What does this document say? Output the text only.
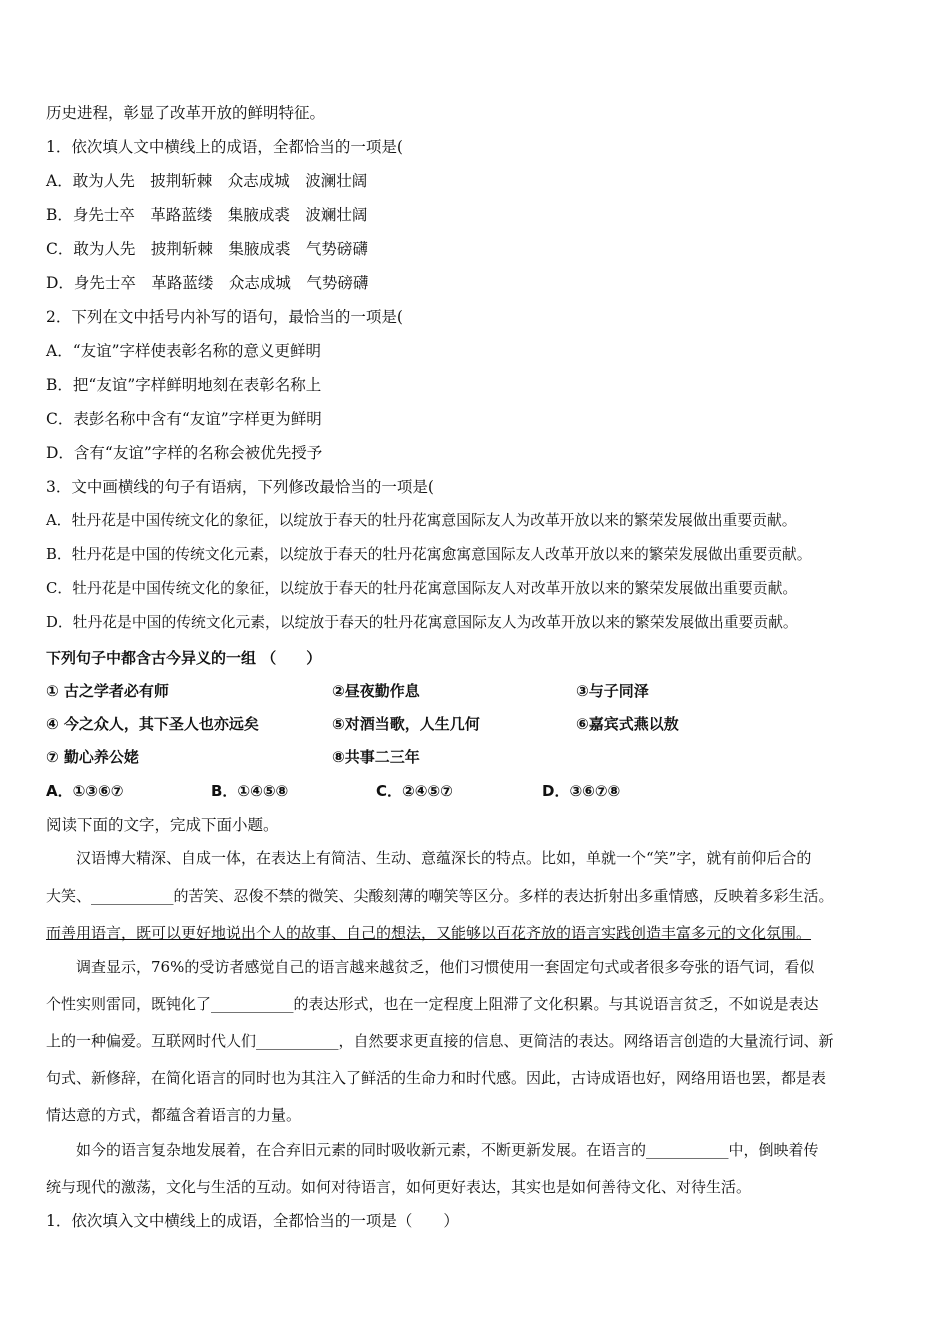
历史进程，彰显了改革开放的鲜明特征。
1．依次填人文中横线上的成语，全都恰当的一项是(
A．敢为人先　披荆斩棘　众志成城　波澜壮阔
B．身先士卒　革路蓝缕　集腋成裘　波斓壮阔
C．敢为人先　披荆斩棘　集腋成裘　气势磅礴
D．身先士卒　革路蓝缕　众志成城　气势磅礴
2．下列在文中括号内补写的语句，最恰当的一项是(
A．“友谊”字样使表彰名称的意义更鲜明
B．把“友谊”字样鲜明地刻在表彰名称上
C．表彭名称中含有“友谊”字样更为鲜明
D．含有“友谊”字样的名称会被优先授予
3．文中画横线的句子有语病，下列修改最恰当的一项是(
A．牡丹花是中国传统文化的象征，以绽放于春天的牡丹花寓意国际友人为改革开放以来的繁荣发展做出重要贡献。
B．牡丹花是中国的传统文化元素，以绽放于春天的牡丹花寓愈寓意国际友人改革开放以来的繁荣发展做出重要贡献。
C．牡丹花是中国传统文化的象征，以绽放于春天的牡丹花寓意国际友人对改革开放以来的繁荣发展做出重要贡献。
D．牡丹花是中国的传统文化元素，以绽放于春天的牡丹花寓意国际友人为改革开放以来的繁荣发展做出重要贡献。
下列句子中都含古今异义的一组 （　　）
① 古之学者必有师	②昼夜勤作息	③与子同泽
④ 今之众人，其下圣人也亦远矣	⑤对酒当歌，人生几何	⑥嘉宾式燕以敖
⑦ 勤心养公姥	⑧共事二三年
A．①③⑥⑦	B．①④⑤⑧	C．②④⑤⑦	D．③⑥⑦⑧
阅读下面的文字，完成下面小题。
　　汉语博大精深、自成一体，在表达上有简洁、生动、意蕴深长的特点。比如，单就一个“笑”字，就有前仰后合的
大笑、___________的苦笑、忍俊不禁的微笑、尖酸刻薄的嘲笑等区分。多样的表达折射出多重情感，反映着多彩生活。
而善用语言，既可以更好地说出个人的故事、自己的想法，又能够以百花齐放的语言实践创造丰富多元的文化氛围。
　　调查显示，76%的受访者感觉自己的语言越来越贫乏，他们习惯使用一套固定句式或者很多夸张的语气词，看似
个性实则雷同，既钝化了___________的表达形式，也在一定程度上阻滞了文化积累。与其说语言贫乏，不如说是表达
上的一种偏爱。互联网时代人们___________，自然要求更直接的信息、更简洁的表达。网络语言创造的大量流行词、新
句式、新修辞，在简化语言的同时也为其注入了鲜活的生命力和时代感。因此，古诗成语也好，网络用语也罢，都是表
情达意的方式，都蕴含着语言的力量。
　　如今的语言复杂地发展着，在合弃旧元素的同时吸收新元素，不断更新发展。在语言的___________中，倒映着传
统与现代的激荡，文化与生活的互动。如何对待语言，如何更好表达，其实也是如何善待文化、对待生活。
1．依次填入文中横线上的成语，全都恰当的一项是（　　）
